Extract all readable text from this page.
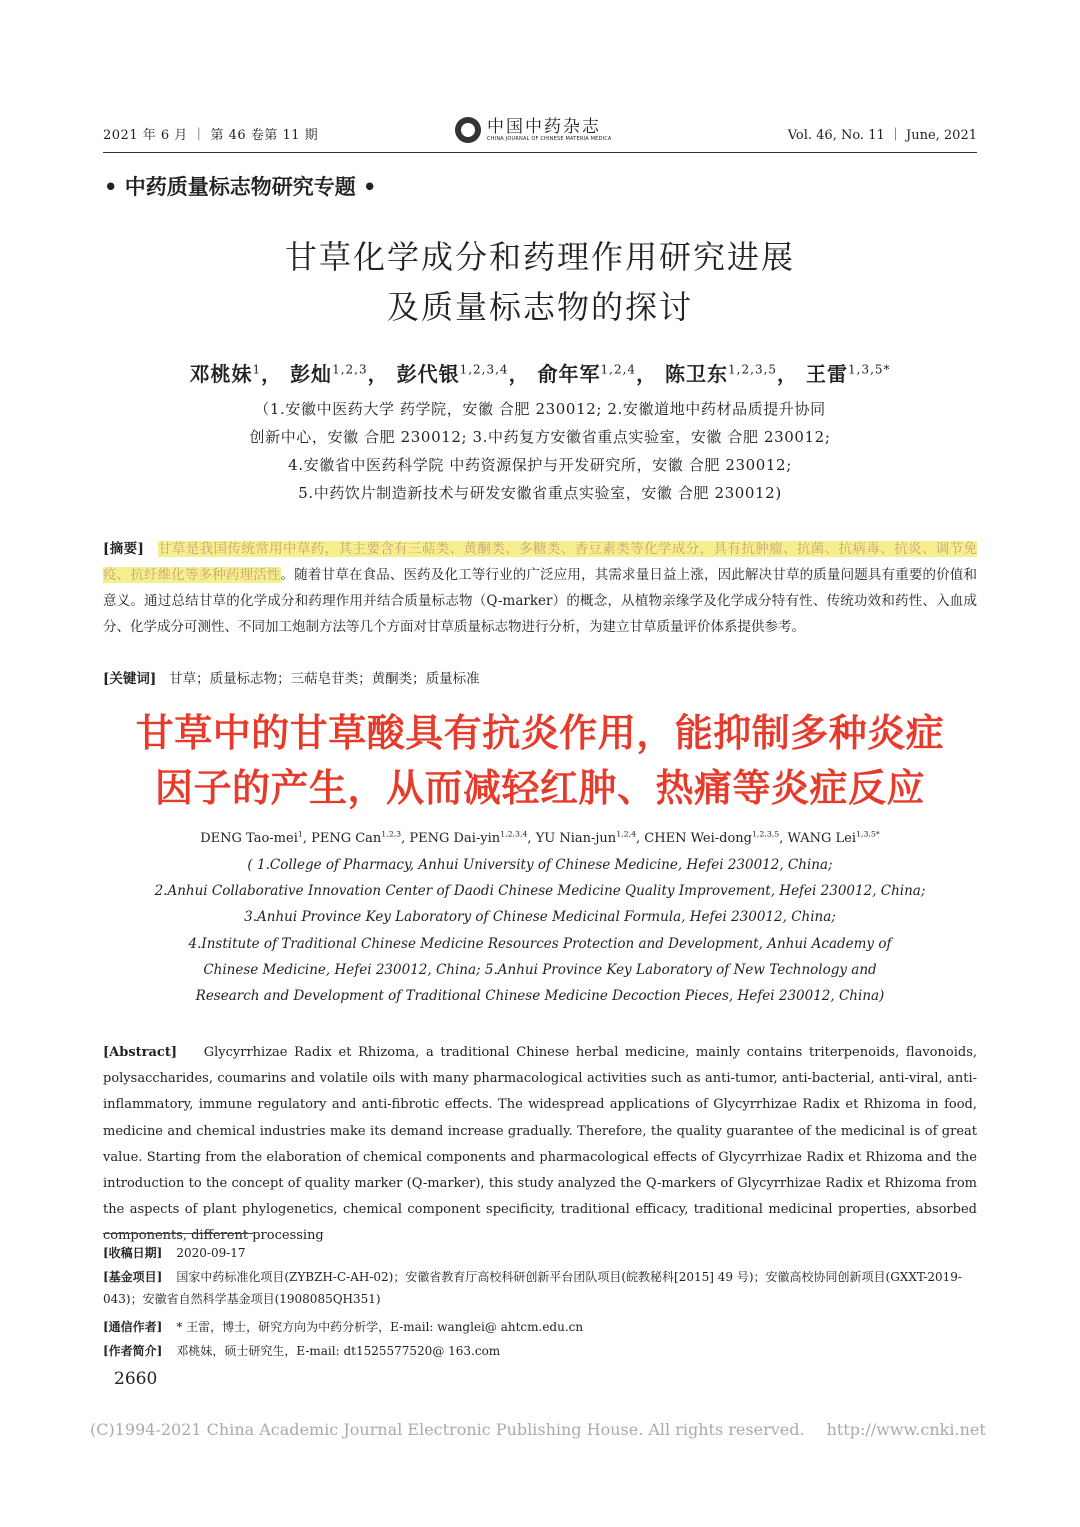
2021 年 6 月 ｜ 第 46 卷第 11 期	中国中药杂志
CHINA JOURNAL OF CHINESE MATERIA MEDICA	Vol. 46, No. 11 ｜ June, 2021
• 中药质量标志物研究专题 •
甘草化学成分和药理作用研究进展
及质量标志物的探讨
邓桃妹$^1$， 彭灿$^{1,2,3}$， 彭代银$^{1,2,3,4}$， 俞年军$^{1,2,4}$， 陈卫东$^{1,2,3,5}$， 王雷$^{1,3,5*}$
（1.安徽中医药大学 药学院，安徽 合肥 230012; 2.安徽道地中药材品质提升协同
创新中心，安徽 合肥 230012; 3.中药复方安徽省重点实验室，安徽 合肥 230012;
4.安徽省中医药科学院 中药资源保护与开发研究所，安徽 合肥 230012;
5.中药饮片制造新技术与研发安徽省重点实验室，安徽 合肥 230012)
[摘要] 甘草是我国传统常用中草药，其主要含有三萜类、黄酮类、多糖类、香豆素类等化学成分，具有抗肿瘤、抗菌、抗病毒、抗炎、调节免疫、抗纤维化等多种药理活性。随着甘草在食品、医药及化工等行业的广泛应用，其需求量日益上涨，因此解决甘草的质量问题具有重要的价值和意义。通过总结甘草的化学成分和药理作用并结合质量标志物（Q-marker）的概念，从植物亲缘学及化学成分特有性、传统功效和药性、入血成分、化学成分可测性、不同加工炮制方法等几个方面对甘草质量标志物进行分析，为建立甘草质量评价体系提供参考。
[关键词] 甘草；质量标志物；三萜皂苷类；黄酮类；质量标准
甘草中的甘草酸具有抗炎作用，能抑制多种炎症
因子的产生，从而减轻红肿、热痛等炎症反应
DENG Tao-mei$^1$, PENG Can$^{1,2,3}$, PENG Dai-yin$^{1,2,3,4}$, YU Nian-jun$^{1,2,4}$, CHEN Wei-dong$^{1,2,3,5}$, WANG Lei$^{1,3,5*}$
( 1.College of Pharmacy, Anhui University of Chinese Medicine, Hefei 230012, China;
2.Anhui Collaborative Innovation Center of Daodi Chinese Medicine Quality Improvement, Hefei 230012, China;
3.Anhui Province Key Laboratory of Chinese Medicinal Formula, Hefei 230012, China;
4.Institute of Traditional Chinese Medicine Resources Protection and Development, Anhui Academy of
Chinese Medicine, Hefei 230012, China; 5.Anhui Province Key Laboratory of New Technology and
Research and Development of Traditional Chinese Medicine Decoction Pieces, Hefei 230012, China)
[Abstract] Glycyrrhizae Radix et Rhizoma, a traditional Chinese herbal medicine, mainly contains triterpenoids, flavonoids, polysaccharides, coumarins and volatile oils with many pharmacological activities such as anti-tumor, anti-bacterial, anti-viral, anti-inflammatory, immune regulatory and anti-fibrotic effects. The widespread applications of Glycyrrhizae Radix et Rhizoma in food, medicine and chemical industries make its demand increase gradually. Therefore, the quality guarantee of the medicinal is of great value. Starting from the elaboration of chemical components and pharmacological effects of Glycyrrhizae Radix et Rhizoma and the introduction to the concept of quality marker (Q-marker), this study analyzed the Q-markers of Glycyrrhizae Radix et Rhizoma from the aspects of plant phylogenetics, chemical component specificity, traditional efficacy, traditional medicinal properties, absorbed components, different processing
[收稿日期] 2020-09-17
[基金项目] 国家中药标准化项目(ZYBZH-C-AH-02)；安徽省教育厅高校科研创新平台团队项目(皖教秘科[2015] 49 号)；安徽高校协同创新项目(GXXT-2019-043)；安徽省自然科学基金项目(1908085QH351)
[通信作者] * 王雷，博士，研究方向为中药分析学，E-mail: wanglei@ ahtcm.edu.cn
[作者简介] 邓桃妹，硕士研究生，E-mail: dt1525577520@ 163.com
2660
(C)1994-2021 China Academic Journal Electronic Publishing House. All rights reserved. http://www.cnki.net
